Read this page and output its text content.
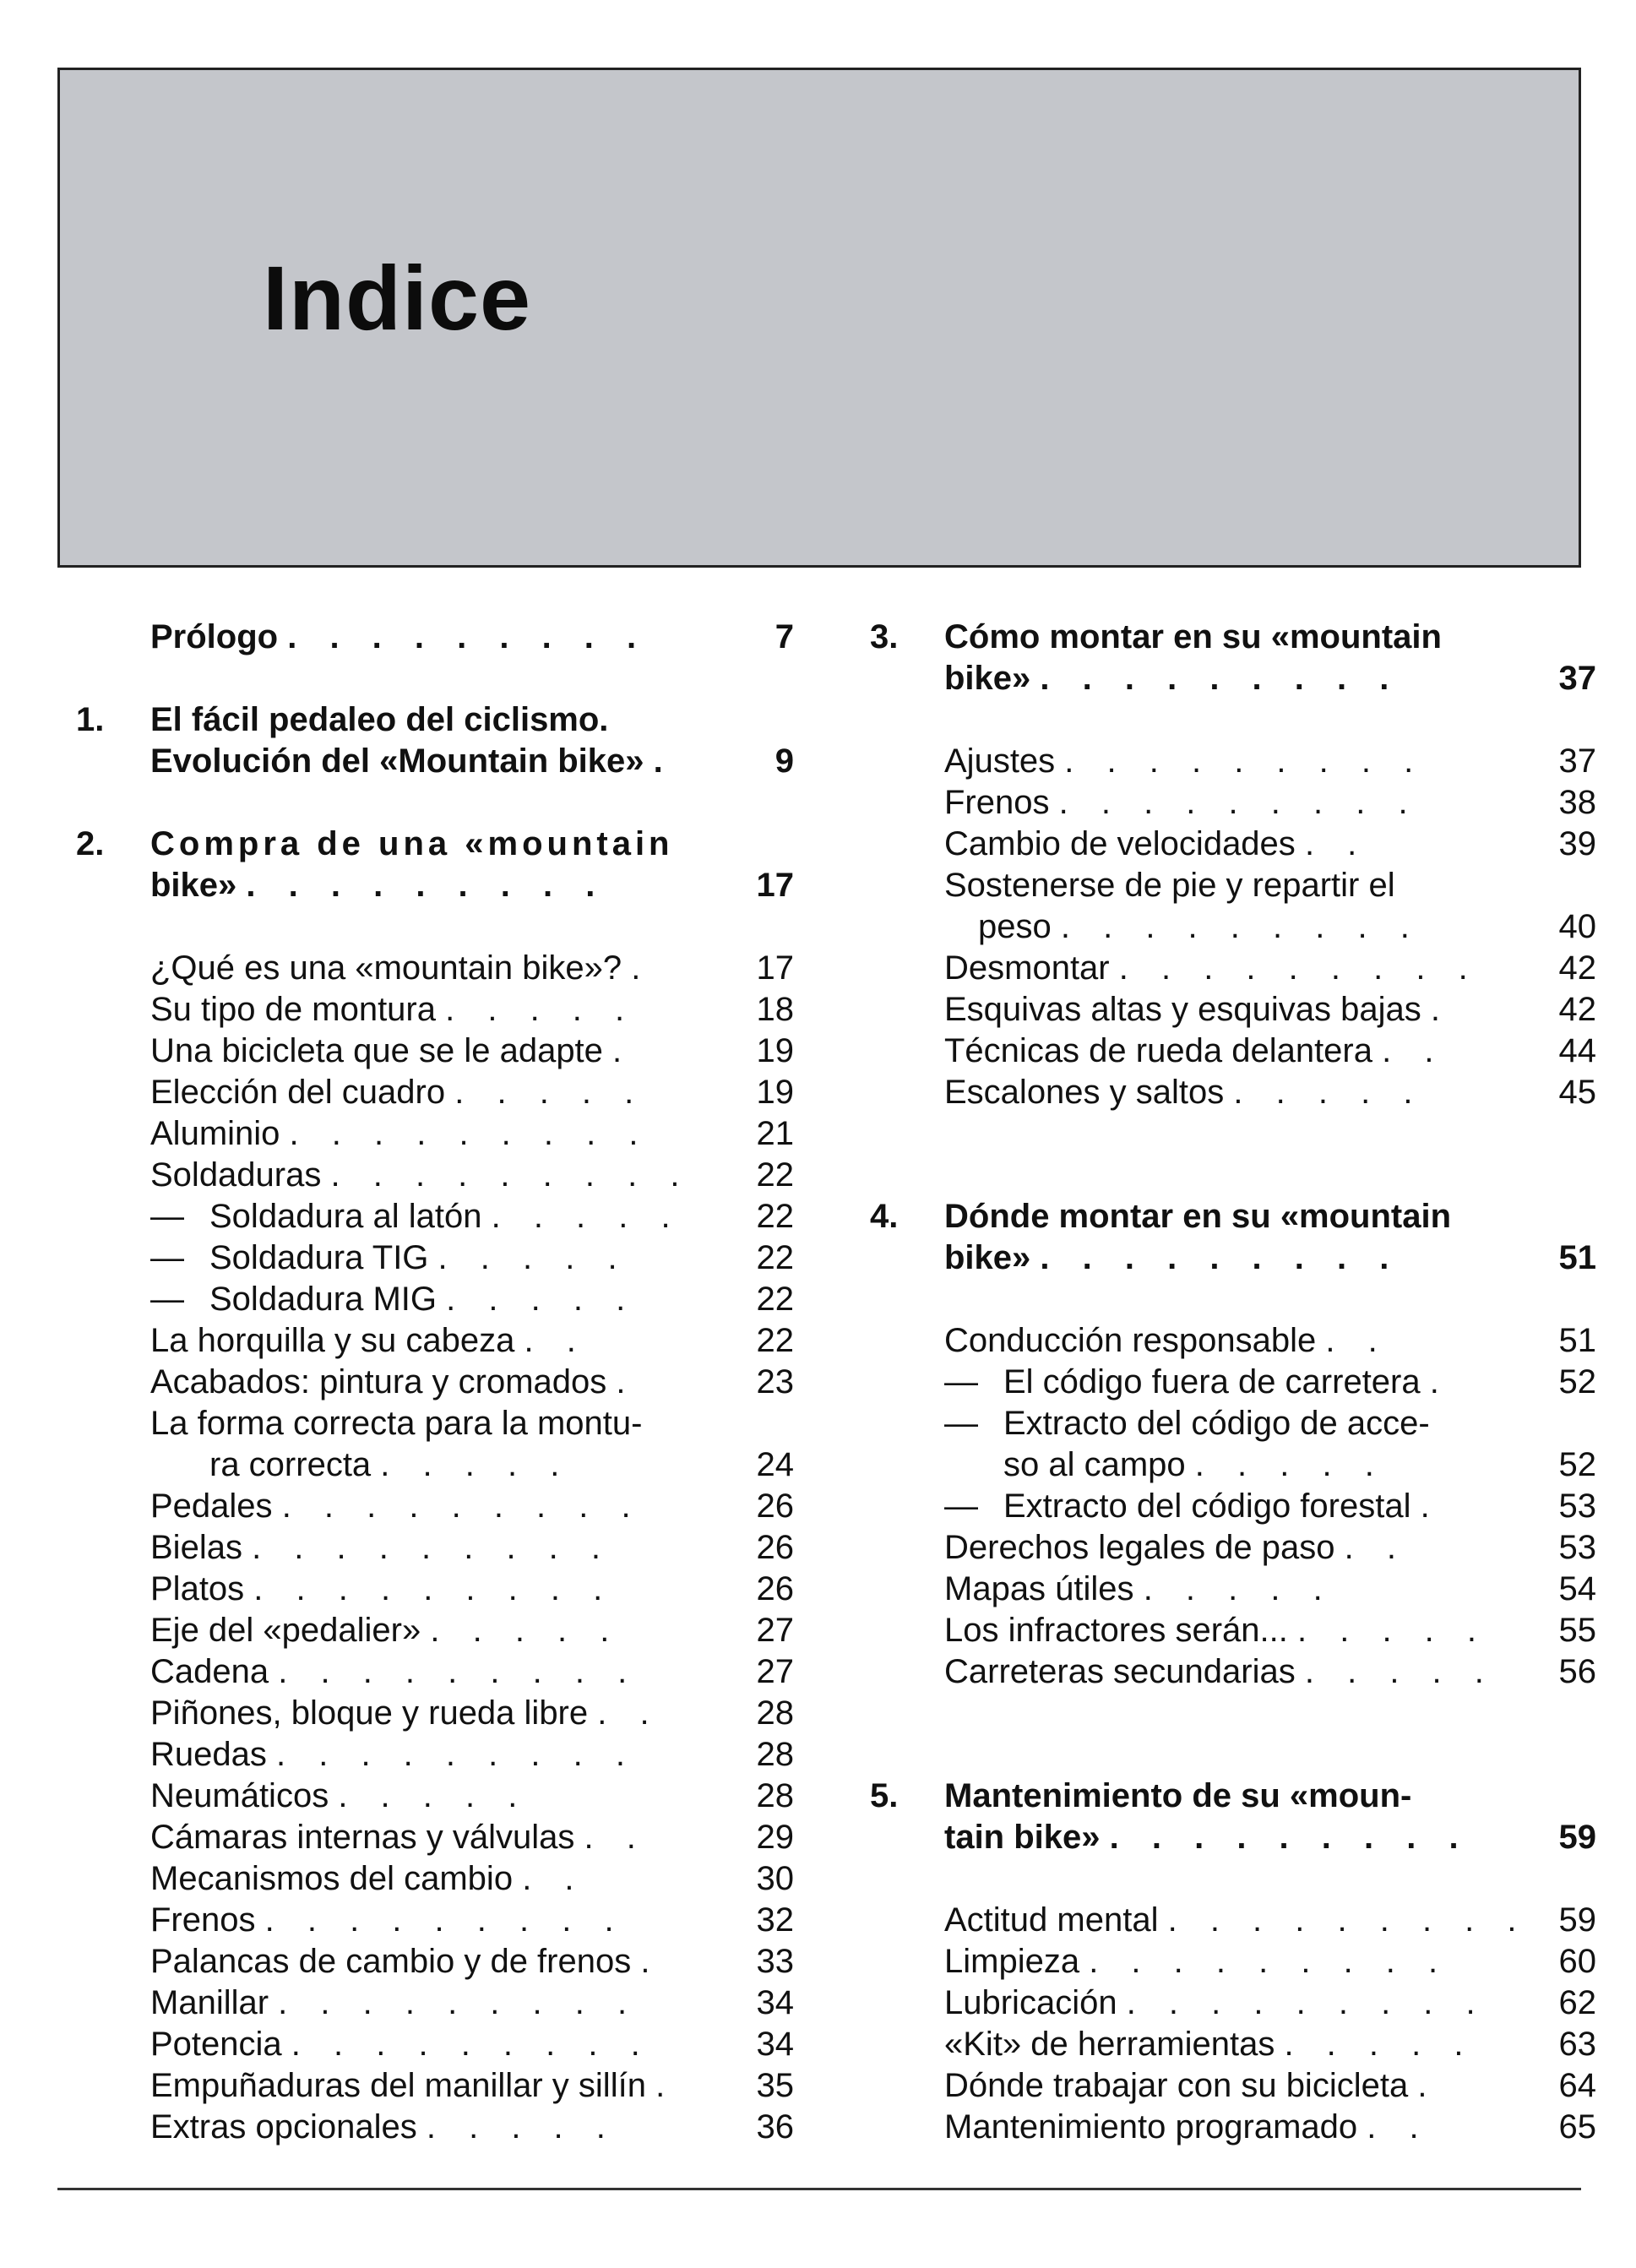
Indice
Prólogo . . . . . . . . .	7
1. El fácil pedaleo del ciclismo.
Evolución del «Mountain bike» .	9
2. Compra de una «mountain
bike» . . . . . . . . .	17
¿Qué es una «mountain bike»? .	17
Su tipo de montura . . . . .	18
Una bicicleta que se le adapte .	19
Elección del cuadro . . . . .	19
Aluminio . . . . . . . . .	21
Soldaduras . . . . . . . . . 22
— Soldadura al latón . . . . .	22
— Soldadura TIG . . . . .	22
— Soldadura MIG . . . . .	22
La horquilla y su cabeza . .	22
Acabados: pintura y cromados .	23
La forma correcta para la montu-
ra correcta . . . . .	24
Pedales . . . . . . . . .	26
Bielas . . . . . . . . .	26
Platos . . . . . . . . .	26
Eje del «pedalier» . . . . .	27
Cadena . . . . . . . . .	27
Piñones, bloque y rueda libre . .	28
Ruedas . . . . . . . . .	28
Neumáticos . . . . .	28
Cámaras internas y válvulas . .	29
Mecanismos del cambio . .	30
Frenos . . . . . . . . .	32
Palancas de cambio y de frenos .	33
Manillar . . . . . . . . .	34
Potencia . . . . . . . . .	34
Empuñaduras del manillar y sillín .	35
Extras opcionales . . . . .	36
3. Cómo montar en su «mountain
bike» . . . . . . . . .	37
Ajustes . . . . . . . . .	37
Frenos . . . . . . . . .	38
Cambio de velocidades . .	39
Sostenerse de pie y repartir el
peso . . . . . . . . .	40
Desmontar . . . . . . . . .	42
Esquivas altas y esquivas bajas .	42
Técnicas de rueda delantera . .	44
Escalones y saltos . . . . .	45
4. Dónde montar en su «mountain
bike» . . . . . . . . .	51
Conducción responsable . .	51
— El código fuera de carretera .	52
— Extracto del código de acce-
so al campo . . . . .	52
— Extracto del código forestal .	53
Derechos legales de paso . .	53
Mapas útiles . . . . .	54
Los infractores serán... . . . . . 55
Carreteras secundarias . . . . . 56
5. Mantenimiento de su «moun-
tain bike» . . . . . . . . .	59
Actitud mental . . . . . . . . . 59
Limpieza . . . . . . . . .	60
Lubricación . . . . . . . . . 62
«Kit» de herramientas . . . . .	63
Dónde trabajar con su bicicleta .	64
Mantenimiento programado . .	65
